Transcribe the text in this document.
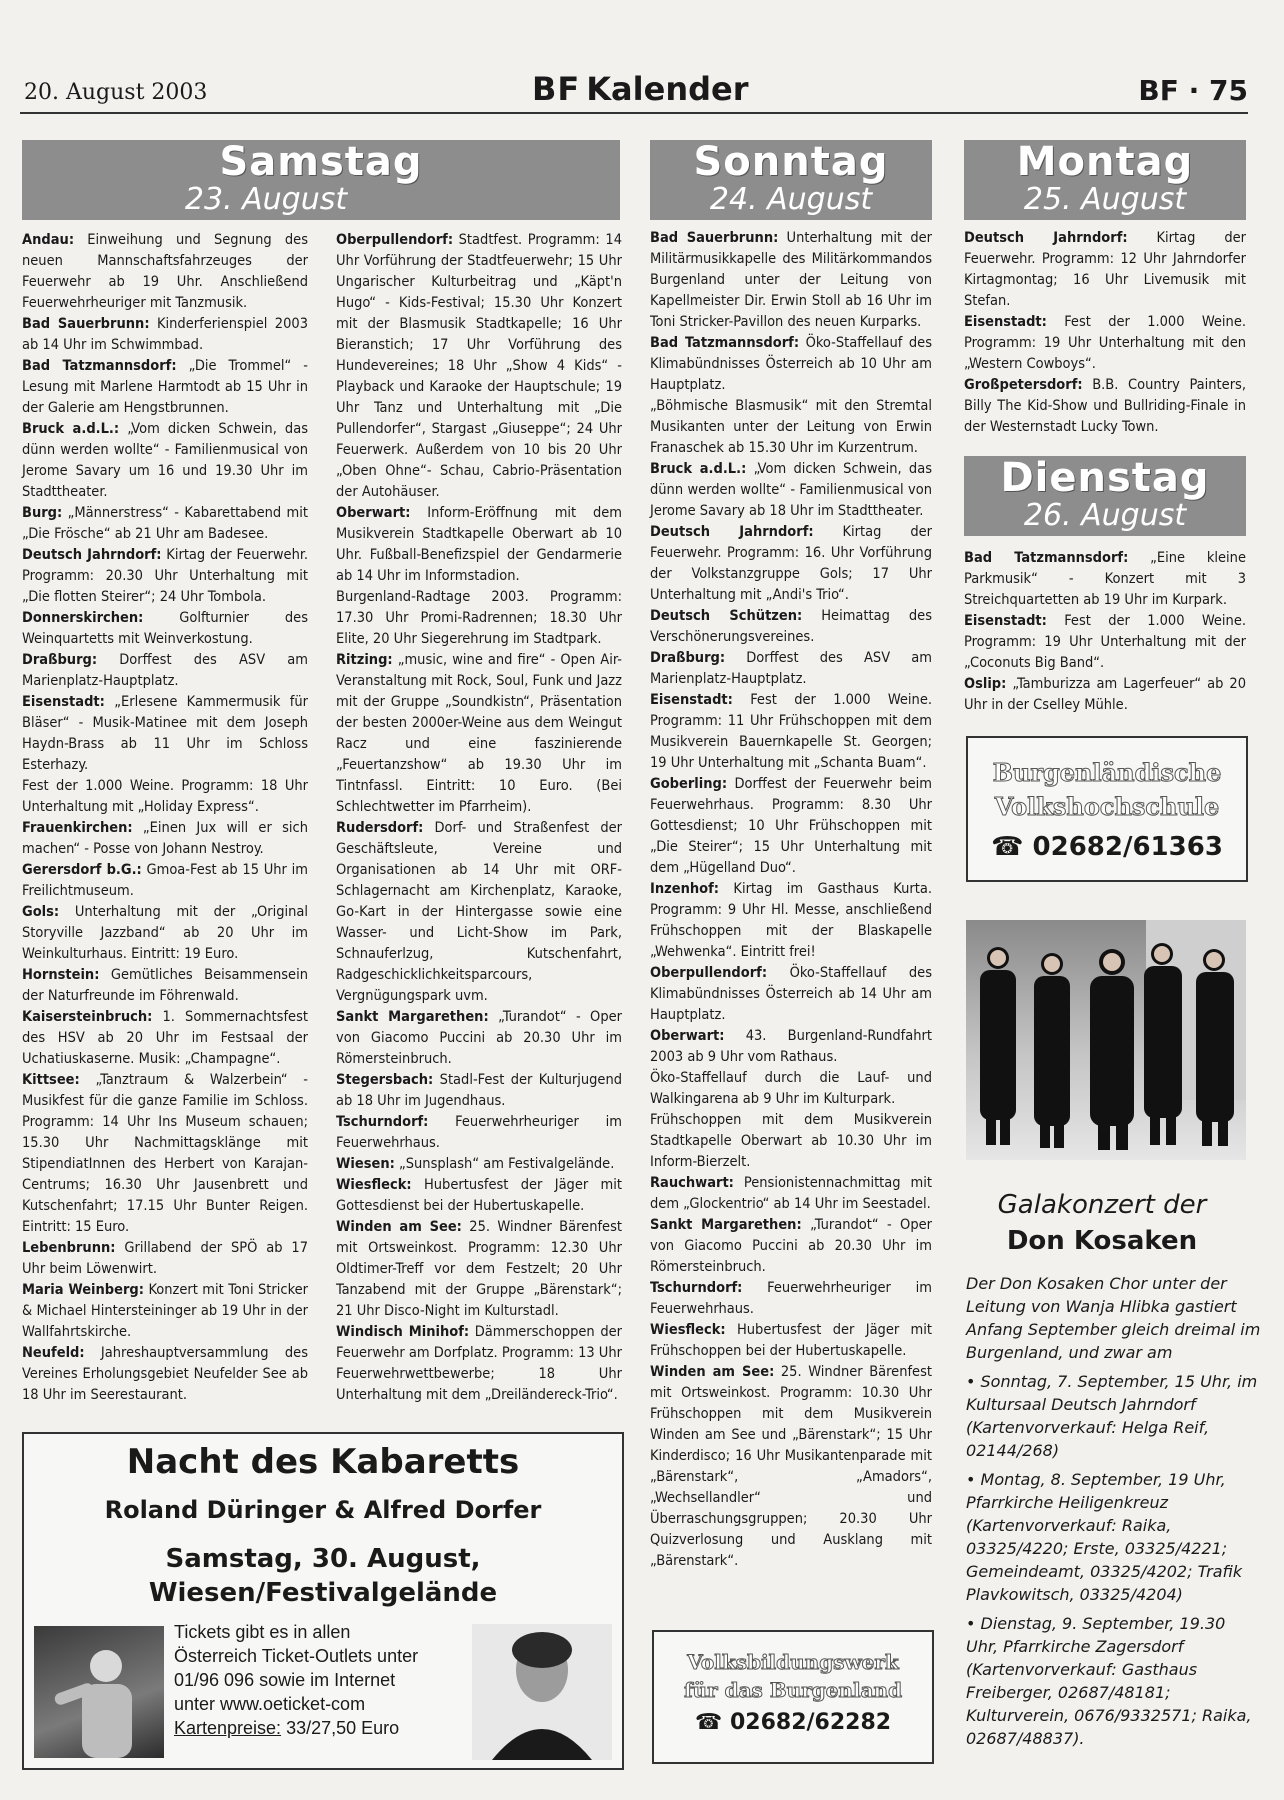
20. August 2003	BF Kalender	BF · 75
Samstag
23. August
Sonntag
24. August
Montag
25. August
Dienstag
26. August

Andau: Einweihung und Segnung des neuen Mannschaftsfahrzeuges der Feuerwehr ab 19 Uhr. Anschließend Feuerwehrheuriger mit Tanzmusik.

Bad Sauerbrunn: Kinderferienspiel 2003 ab 14 Uhr im Schwimmbad.

Bad Tatzmannsdorf: „Die Trommel“ - Lesung mit Marlene Harmtodt ab 15 Uhr in der Galerie am Hengstbrunnen.

Bruck a.d.L.: „Vom dicken Schwein, das dünn werden wollte“ - Familienmusical von Jerome Savary um 16 und 19.30 Uhr im Stadttheater.

Burg: „Männerstress“ - Kabarettabend mit „Die Frösche“ ab 21 Uhr am Badesee.

Deutsch Jahrndorf: Kirtag der Feuerwehr. Programm: 20.30 Uhr Unterhaltung mit „Die flotten Steirer“; 24 Uhr Tombola.

Donnerskirchen: Golfturnier des Weinquartetts mit Weinverkostung.

Draßburg: Dorffest des ASV am Marienplatz-Hauptplatz.

Eisenstadt: „Erlesene Kammermusik für Bläser“ - Musik-Matinee mit dem Joseph Haydn-Brass ab 11 Uhr im Schloss Esterhazy.

Fest der 1.000 Weine. Programm: 18 Uhr Unterhaltung mit „Holiday Express“.

Frauenkirchen: „Einen Jux will er sich machen“ - Posse von Johann Nestroy.

Gerersdorf b.G.: Gmoa-Fest ab 15 Uhr im Freilichtmuseum.

Gols: Unterhaltung mit der „Original Storyville Jazzband“ ab 20 Uhr im Weinkulturhaus. Eintritt: 19 Euro.

Hornstein: Gemütliches Beisammensein der Naturfreunde im Föhrenwald.

Kaisersteinbruch: 1. Sommernachtsfest des HSV ab 20 Uhr im Festsaal der Uchatiuskaserne. Musik: „Champagne“.

Kittsee: „Tanztraum & Walzerbein“ - Musikfest für die ganze Familie im Schloss. Programm: 14 Uhr Ins Museum schauen; 15.30 Uhr Nachmittagsklänge mit StipendiatInnen des Herbert von Karajan-Centrums; 16.30 Uhr Jausenbrett und Kutschenfahrt; 17.15 Uhr Bunter Reigen. Eintritt: 15 Euro.

Lebenbrunn: Grillabend der SPÖ ab 17 Uhr beim Löwenwirt.

Maria Weinberg: Konzert mit Toni Stricker & Michael Hintersteininger ab 19 Uhr in der Wallfahrtskirche.

Neufeld: Jahreshauptversammlung des Vereines Erholungsgebiet Neufelder See ab 18 Uhr im Seerestaurant.

Oberpullendorf: Stadtfest. Programm: 14 Uhr Vorführung der Stadtfeuerwehr; 15 Uhr Ungarischer Kulturbeitrag und „Käpt'n Hugo“ - Kids-Festival; 15.30 Uhr Konzert mit der Blasmusik Stadtkapelle; 16 Uhr Bieranstich; 17 Uhr Vorführung des Hundevereines; 18 Uhr „Show 4 Kids“ - Playback und Karaoke der Hauptschule; 19 Uhr Tanz und Unterhaltung mit „Die Pullendorfer“, Stargast „Giuseppe“; 24 Uhr Feuerwerk. Außerdem von 10 bis 20 Uhr „Oben Ohne“- Schau, Cabrio-Präsentation der Autohäuser.

Oberwart: Inform-Eröffnung mit dem Musikverein Stadtkapelle Oberwart ab 10 Uhr. Fußball-Benefizspiel der Gendarmerie ab 14 Uhr im Informstadion.

Burgenland-Radtage 2003. Programm: 17.30 Uhr Promi-Radrennen; 18.30 Uhr Elite, 20 Uhr Siegerehrung im Stadtpark.

Ritzing: „music, wine and fire“ - Open Air-Veranstaltung mit Rock, Soul, Funk und Jazz mit der Gruppe „Soundkistn“, Präsentation der besten 2000er-Weine aus dem Weingut Racz und eine faszinierende „Feuertanzshow“ ab 19.30 Uhr im Tintnfassl. Eintritt: 10 Euro. (Bei Schlechtwetter im Pfarrheim).

Rudersdorf: Dorf- und Straßenfest der Geschäftsleute, Vereine und Organisationen ab 14 Uhr mit ORF-Schlagernacht am Kirchenplatz, Karaoke, Go-Kart in der Hintergasse sowie eine Wasser- und Licht-Show im Park, Schnauferlzug, Kutschenfahrt, Radgeschicklichkeitsparcours, Vergnügungspark uvm.

Sankt Margarethen: „Turandot“ - Oper von Giacomo Puccini ab 20.30 Uhr im Römersteinbruch.

Stegersbach: Stadl-Fest der Kulturjugend ab 18 Uhr im Jugendhaus.

Tschurndorf: Feuerwehrheuriger im Feuerwehrhaus.

Wiesen: „Sunsplash“ am Festivalgelände.

Wiesfleck: Hubertusfest der Jäger mit Gottesdienst bei der Hubertuskapelle.

Winden am See: 25. Windner Bärenfest mit Ortsweinkost. Programm: 12.30 Uhr Oldtimer-Treff vor dem Festzelt; 20 Uhr Tanzabend mit der Gruppe „Bärenstark“; 21 Uhr Disco-Night im Kulturstadl.

Windisch Minihof: Dämmerschoppen der Feuerwehr am Dorfplatz. Programm: 13 Uhr Feuerwehrwettbewerbe; 18 Uhr Unterhaltung mit dem „Dreiländereck-Trio“.

Bad Sauerbrunn: Unterhaltung mit der Militärmusikkapelle des Militärkommandos Burgenland unter der Leitung von Kapellmeister Dir. Erwin Stoll ab 16 Uhr im Toni Stricker-Pavillon des neuen Kurparks.

Bad Tatzmannsdorf: Öko-Staffellauf des Klimabündnisses Österreich ab 10 Uhr am Hauptplatz.

„Böhmische Blasmusik“ mit den Stremtal Musikanten unter der Leitung von Erwin Franaschek ab 15.30 Uhr im Kurzentrum.

Bruck a.d.L.: „Vom dicken Schwein, das dünn werden wollte“ - Familienmusical von Jerome Savary ab 18 Uhr im Stadttheater.

Deutsch Jahrndorf: Kirtag der Feuerwehr. Programm: 16. Uhr Vorführung der Volkstanzgruppe Gols; 17 Uhr Unterhaltung mit „Andi's Trio“.

Deutsch Schützen: Heimattag des Verschönerungsvereines.

Draßburg: Dorffest des ASV am Marienplatz-Hauptplatz.

Eisenstadt: Fest der 1.000 Weine. Programm: 11 Uhr Frühschoppen mit dem Musikverein Bauernkapelle St. Georgen; 19 Uhr Unterhaltung mit „Schanta Buam“.

Goberling: Dorffest der Feuerwehr beim Feuerwehrhaus. Programm: 8.30 Uhr Gottesdienst; 10 Uhr Frühschoppen mit „Die Steirer“; 15 Uhr Unterhaltung mit dem „Hügelland Duo“.

Inzenhof: Kirtag im Gasthaus Kurta. Programm: 9 Uhr Hl. Messe, anschließend Frühschoppen mit der Blaskapelle „Wehwenka“. Eintritt frei!

Oberpullendorf: Öko-Staffellauf des Klimabündnisses Österreich ab 14 Uhr am Hauptplatz.

Oberwart: 43. Burgenland-Rundfahrt 2003 ab 9 Uhr vom Rathaus.

Öko-Staffellauf durch die Lauf- und Walkingarena ab 9 Uhr im Kulturpark.

Frühschoppen mit dem Musikverein Stadtkapelle Oberwart ab 10.30 Uhr im Inform-Bierzelt.

Rauchwart: Pensionistennachmittag mit dem „Glockentrio“ ab 14 Uhr im Seestadel.

Sankt Margarethen: „Turandot“ - Oper von Giacomo Puccini ab 20.30 Uhr im Römersteinbruch.

Tschurndorf: Feuerwehrheuriger im Feuerwehrhaus.

Wiesfleck: Hubertusfest der Jäger mit Frühschoppen bei der Hubertuskapelle.

Winden am See: 25. Windner Bärenfest mit Ortsweinkost. Programm: 10.30 Uhr Frühschoppen mit dem Musikverein Winden am See und „Bärenstark“; 15 Uhr Kinderdisco; 16 Uhr Musikantenparade mit „Bärenstark“, „Amadors“, „Wechsellandler“ und Überraschungsgruppen; 20.30 Uhr Quizverlosung und Ausklang mit „Bärenstark“.

Deutsch Jahrndorf: Kirtag der Feuerwehr. Programm: 12 Uhr Jahrndorfer Kirtagmontag; 16 Uhr Livemusik mit Stefan.

Eisenstadt: Fest der 1.000 Weine. Programm: 19 Uhr Unterhaltung mit den „Western Cowboys“.

Großpetersdorf: B.B. Country Painters, Billy The Kid-Show und Bullriding-Finale in der Westernstadt Lucky Town.

Bad Tatzmannsdorf: „Eine kleine Parkmusik“ - Konzert mit 3 Streichquartetten ab 19 Uhr im Kurpark.

Eisenstadt: Fest der 1.000 Weine. Programm: 19 Uhr Unterhaltung mit der „Coconuts Big Band“.

Oslip: „Tamburizza am Lagerfeuer“ ab 20 Uhr in der Cselley Mühle.

Burgenländische
Volkshochschule
☎ 02682/61363
Galakonzert der
Don Kosaken

Der Don Kosaken Chor unter der Leitung von Wanja Hlibka gastiert Anfang September gleich dreimal im Burgenland, und zwar am

• Sonntag, 7. September, 15 Uhr, im Kultursaal Deutsch Jahrndorf (Kartenvorverkauf: Helga Reif, 02144/268)

• Montag, 8. September, 19 Uhr, Pfarrkirche Heiligenkreuz (Kartenvorverkauf: Raika, 03325/4220; Erste, 03325/4221; Gemeindeamt, 03325/4202; Trafik Plavkowitsch, 03325/4204)

• Dienstag, 9. September, 19.30 Uhr, Pfarrkirche Zagersdorf (Kartenvorverkauf: Gasthaus Freiberger, 02687/48181; Kulturverein, 0676/9332571; Raika, 02687/48837).

Volksbildungswerk
für das Burgenland
☎ 02682/62282
Nacht des Kabaretts
Roland Düringer & Alfred Dorfer
Samstag, 30. August,
Wiesen/Festivalgelände
Tickets gibt es in allen Österreich Ticket-Outlets unter 01/96 096 sowie im Internet unter www.oeticket-com
Kartenpreise: 33/27,50 Euro
